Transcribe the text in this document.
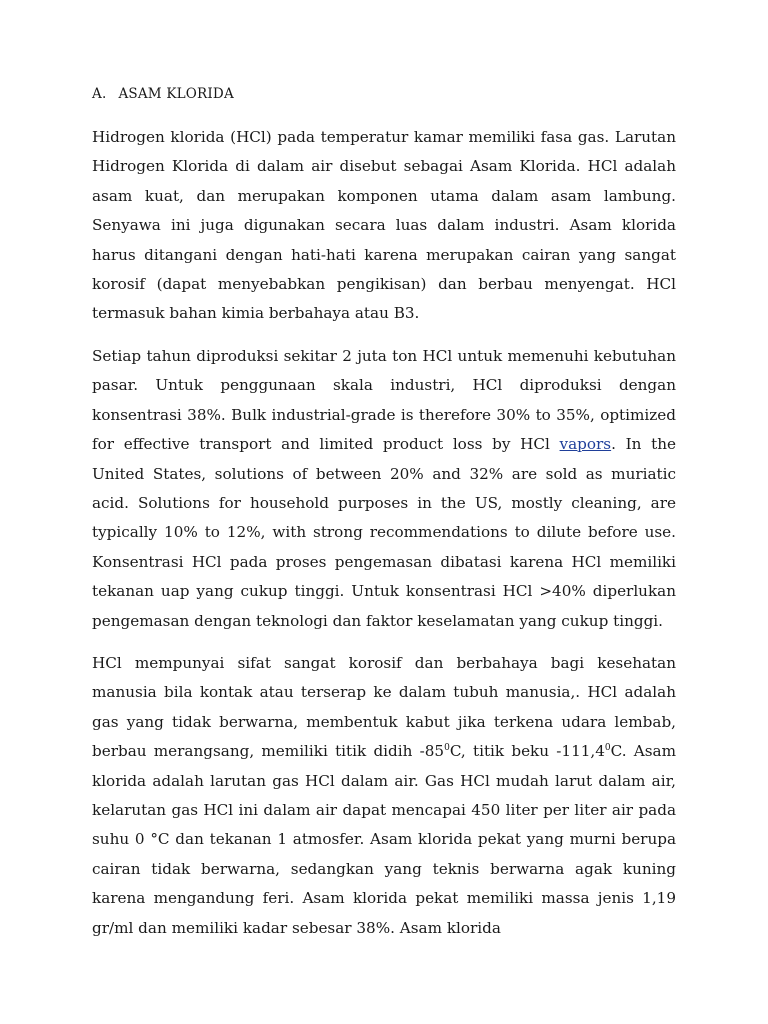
A. ASAM KLORIDA

Hidrogen klorida (HCl) pada temperatur kamar memiliki fasa gas. Larutan Hidrogen Klorida di dalam air disebut sebagai Asam Klorida. HCl adalah asam kuat, dan merupakan komponen utama dalam asam lambung. Senyawa ini juga digunakan secara luas dalam industri. Asam klorida harus ditangani dengan hati-hati karena merupakan cairan yang sangat korosif (dapat menyebabkan pengikisan) dan berbau menyengat. HCl termasuk bahan kimia berbahaya atau B3.

Setiap tahun diproduksi sekitar 2 juta ton HCl untuk memenuhi kebutuhan pasar. Untuk penggunaan skala industri, HCl diproduksi dengan konsentrasi 38%. Bulk industrial-grade is therefore 30% to 35%, optimized for effective transport and limited product loss by HCl vapors. In the United States, solutions of between 20% and 32% are sold as muriatic acid. Solutions for household purposes in the US, mostly cleaning, are typically 10% to 12%, with strong recommendations to dilute before use. Konsentrasi HCl pada proses pengemasan dibatasi karena HCl memiliki tekanan uap yang cukup tinggi. Untuk konsentrasi HCl >40% diperlukan pengemasan dengan teknologi dan faktor keselamatan yang cukup tinggi.

HCl mempunyai sifat sangat korosif dan berbahaya bagi kesehatan manusia bila kontak atau terserap ke dalam tubuh manusia,. HCl adalah gas yang tidak berwarna, membentuk kabut jika terkena udara lembab, berbau merangsang, memiliki titik didih $-85^0C$, titik beku -111,4$^0$C. Asam klorida adalah larutan gas HCl dalam air. Gas HCl mudah larut dalam air, kelarutan gas HCl ini dalam air dapat mencapai 450 liter per liter air pada suhu 0 °C dan tekanan 1 atmosfer. Asam klorida pekat yang murni berupa cairan tidak berwarna, sedangkan yang teknis berwarna agak kuning karena mengandung feri. Asam klorida pekat memiliki massa jenis 1,19 gr/ml dan memiliki kadar sebesar 38%. Asam klorida
